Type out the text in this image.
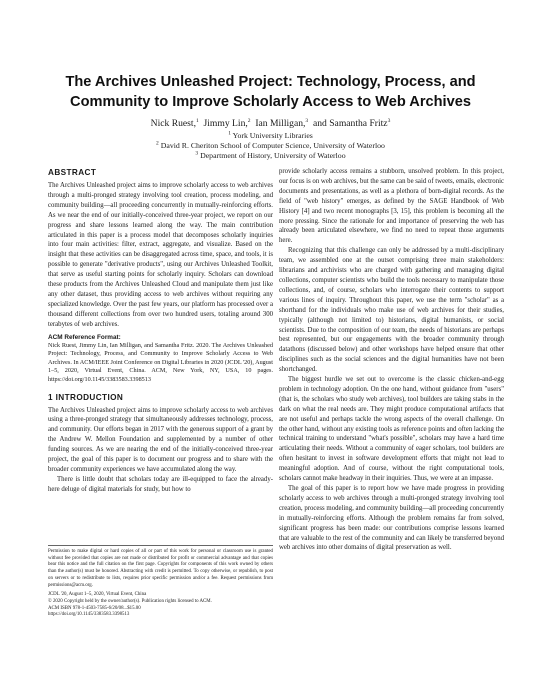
The Archives Unleashed Project: Technology, Process, and
Community to Improve Scholarly Access to Web Archives
Nick Ruest,$^1$ Jimmy Lin,$^2$ Ian Milligan,$^3$ and Samantha Fritz$^3$
$^1$ York University Libraries
$^2$ David R. Cheriton School of Computer Science, University of Waterloo
$^3$ Department of History, University of Waterloo
ABSTRACT

The Archives Unleashed project aims to improve scholarly access to web archives through a multi-pronged strategy involving tool creation, process modeling, and community building—all proceeding concurrently in mutually-reinforcing efforts. As we near the end of our initially-conceived three-year project, we report on our progress and share lessons learned along the way. The main contribution articulated in this paper is a process model that decomposes scholarly inquiries into four main activities: filter, extract, aggregate, and visualize. Based on the insight that these activities can be disaggregated across time, space, and tools, it is possible to generate "derivative products", using our Archives Unleashed Toolkit, that serve as useful starting points for scholarly inquiry. Scholars can download these products from the Archives Unleashed Cloud and manipulate them just like any other dataset, thus providing access to web archives without requiring any specialized knowledge. Over the past few years, our platform has processed over a thousand different collections from over two hundred users, totaling around 300 terabytes of web archives.

ACM Reference Format:
Nick Ruest, Jimmy Lin, Ian Milligan, and Samantha Fritz. 2020. The Archives Unleashed Project: Technology, Process, and Community to Improve Scholarly Access to Web Archives. In ACM/IEEE Joint Conference on Digital Libraries in 2020 (JCDL '20), August 1–5, 2020, Virtual Event, China. ACM, New York, NY, USA, 10 pages. https://doi.org/10.1145/3383583.3398513
1 INTRODUCTION

The Archives Unleashed project aims to improve scholarly access to web archives using a three-pronged strategy that simultaneously addresses technology, process, and community. Our efforts began in 2017 with the generous support of a grant by the Andrew W. Mellon Foundation and supplemented by a number of other funding sources. As we are nearing the end of the initially-conceived three-year project, the goal of this paper is to document our progress and to share with the broader community experiences we have accumulated along the way.

There is little doubt that scholars today are ill-equipped to face the already-here deluge of digital materials for study, but how to

Permission to make digital or hard copies of all or part of this work for personal or classroom use is granted without fee provided that copies are not made or distributed for profit or commercial advantage and that copies bear this notice and the full citation on the first page. Copyrights for components of this work owned by others than the author(s) must be honored. Abstracting with credit is permitted. To copy otherwise, or republish, to post on servers or to redistribute to lists, requires prior specific permission and/or a fee. Request permissions from permissions@acm.org.

JCDL '20, August 1–5, 2020, Virtual Event, China

© 2020 Copyright held by the owner/author(s). Publication rights licensed to ACM.

ACM ISBN 978-1-4503-7585-6/20/08...$15.00

https://doi.org/10.1145/3383583.3398513

provide scholarly access remains a stubborn, unsolved problem. In this project, our focus is on web archives, but the same can be said of tweets, emails, electronic documents and presentations, as well as a plethora of born-digital records. As the field of "web history" emerges, as defined by the SAGE Handbook of Web History [4] and two recent monographs [3, 15], this problem is becoming all the more pressing. Since the rationale for and importance of preserving the web has already been articulated elsewhere, we find no need to repeat those arguments here.

Recognizing that this challenge can only be addressed by a multi-disciplinary team, we assembled one at the outset comprising three main stakeholders: librarians and archivists who are charged with gathering and managing digital collections, computer scientists who build the tools necessary to manipulate those collections, and, of course, scholars who interrogate their contents to support various lines of inquiry. Throughout this paper, we use the term "scholar" as a shorthand for the individuals who make use of web archives for their studies, typically (although not limited to) historians, digital humanists, or social scientists. Due to the composition of our team, the needs of historians are perhaps best represented, but our engagements with the broader community through datathons (discussed below) and other workshops have helped ensure that other disciplines such as the social sciences and the digital humanities have not been shortchanged.

The biggest hurdle we set out to overcome is the classic chicken-and-egg problem in technology adoption. On the one hand, without guidance from "users" (that is, the scholars who study web archives), tool builders are taking stabs in the dark on what the real needs are. They might produce computational artifacts that are not useful and perhaps tackle the wrong aspects of the overall challenge. On the other hand, without any existing tools as reference points and often lacking the technical training to understand "what's possible", scholars may have a hard time articulating their needs. Without a community of eager scholars, tool builders are often hesitant to invest in software development efforts that might not lead to meaningful adoption. And of course, without the right computational tools, scholars cannot make headway in their inquiries. Thus, we were at an impasse.

The goal of this paper is to report how we have made progress in providing scholarly access to web archives through a multi-pronged strategy involving tool creation, process modeling, and community building—all proceeding concurrently in mutually-reinforcing efforts. Although the problem remains far from solved, significant progress has been made: our contributions comprise lessons learned that are valuable to the rest of the community and can likely be transferred beyond web archives into other domains of digital preservation as well.
